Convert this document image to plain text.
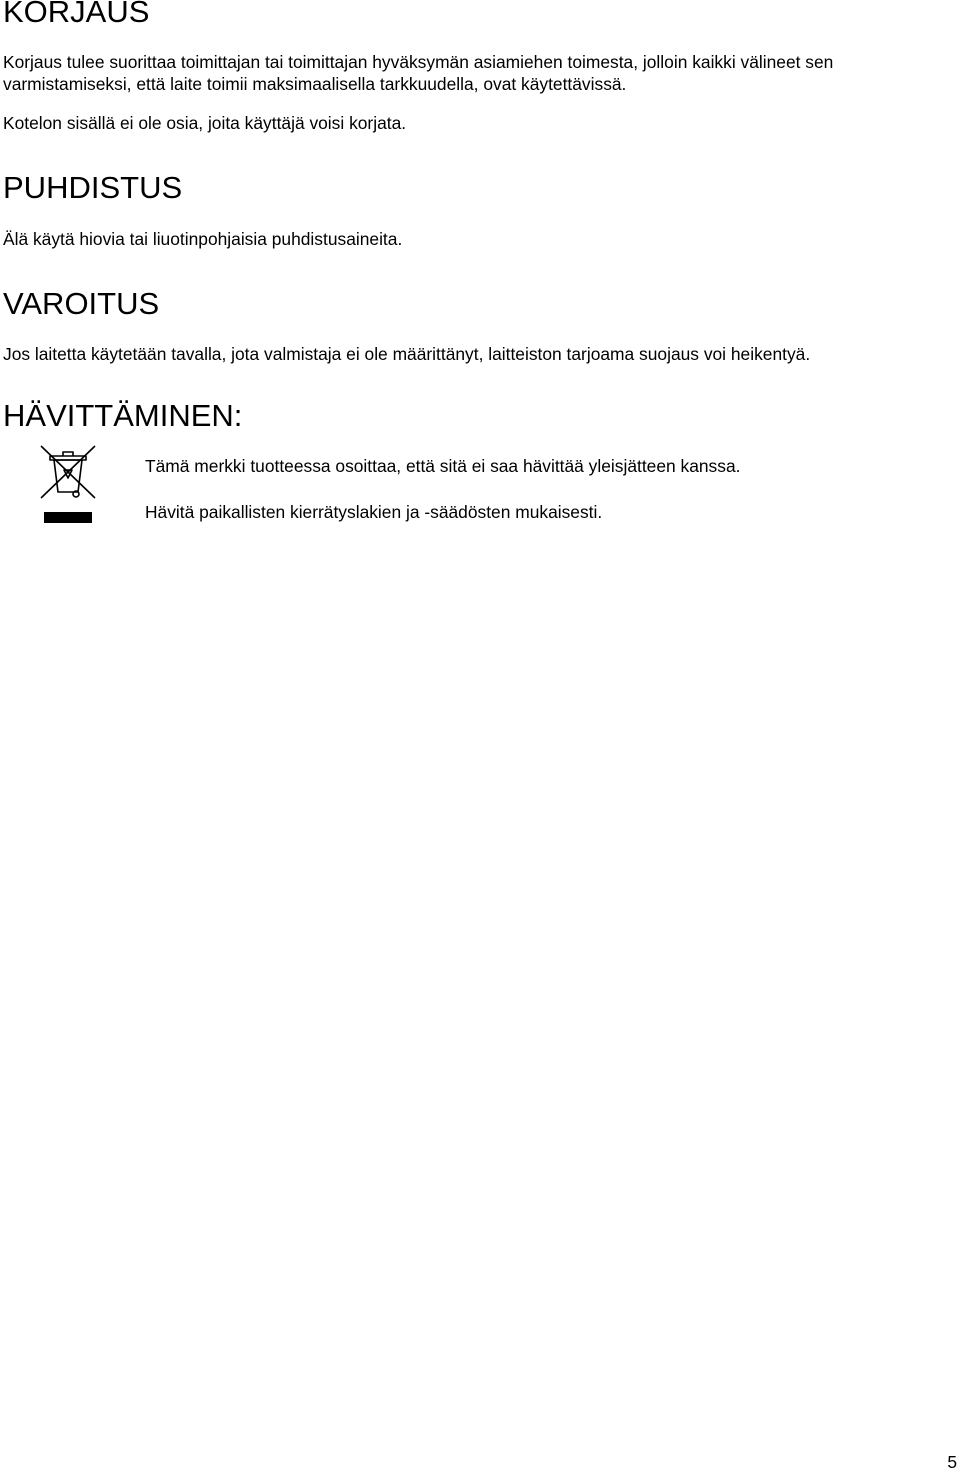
KORJAUS

Korjaus tulee suorittaa toimittajan tai toimittajan hyväksymän asiamiehen toimesta, jolloin kaikki välineet sen

varmistamiseksi, että laite toimii maksimaalisella tarkkuudella, ovat käytettävissä.

Kotelon sisällä ei ole osia, joita käyttäjä voisi korjata.

PUHDISTUS

Älä käytä hiovia tai liuotinpohjaisia puhdistusaineita.

VAROITUS

Jos laitetta käytetään tavalla, jota valmistaja ei ole määrittänyt, laitteiston tarjoama suojaus voi heikentyä.

HÄVITTÄMINEN:

Tämä merkki tuotteessa osoittaa, että sitä ei saa hävittää yleisjätteen kanssa.

Hävitä paikallisten kierrätyslakien ja -säädösten mukaisesti.

5
